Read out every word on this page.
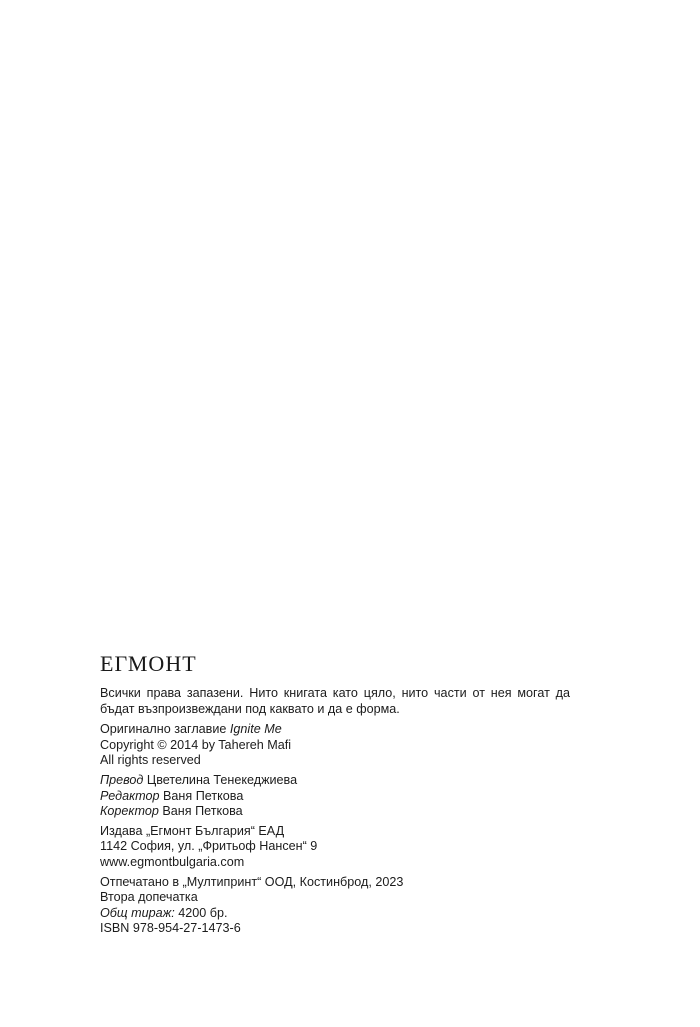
ЕГМОНТ
Всички права запазени. Нито книгата като цяло, нито части от нея могат да
бъдат възпроизвеждани под каквато и да е форма.
Оригинално заглавие Ignite Me
Copyright © 2014 by Tahereh Mafi
All rights reserved
Превод Цветелина Тенекеджиева
Редактор Ваня Петкова
Коректор Ваня Петкова
Издава „Егмонт България“ ЕАД
1142 София, ул. „Фритьоф Нансен“ 9
www.egmontbulgaria.com
Отпечатано в „Мултипринт“ ООД, Костинброд, 2023
Втора допечатка
Общ тираж: 4200 бр.
ISBN 978-954-27-1473-6
